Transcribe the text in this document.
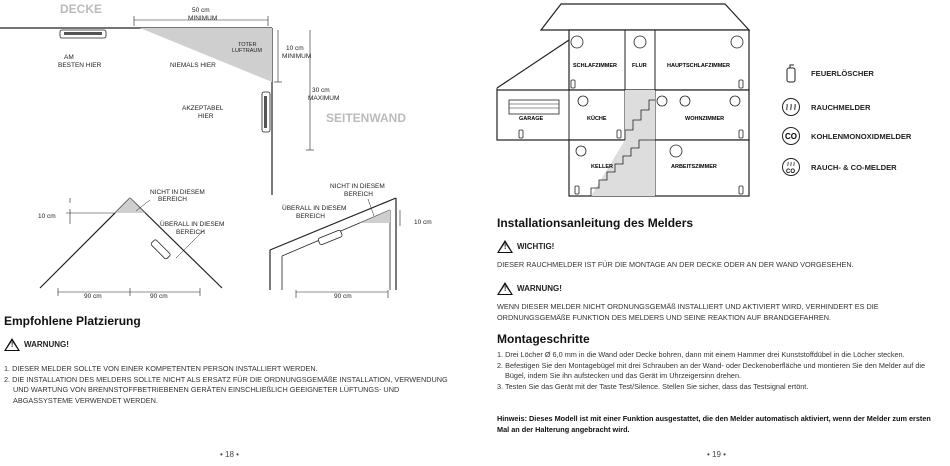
DECKE
TOTER
LUFTRAUM
50 cm
MINIMUM
10 cm
MINIMUM
30 cm
MAXIMUM
SEITENWAND
AM
BESTEN HIER	NIEMALS HIER
AKZEPTABEL
HIER
10 cm
NICHT IN DIESEM
BEREICH
ÜBERALL IN DIESEM
BEREICH
90 cm	90 cm
10 cm
NICHT IN DIESEM
BEREICH
ÜBERALL IN DIESEM
BEREICH
90 cm
Empfohlene Platzierung
! WARNUNG!
1. DIESER MELDER SOLLTE VON EINER KOMPETENTEN PERSON INSTALLIERT WERDEN.
2. DIE INSTALLATION DES MELDERS SOLLTE NICHT ALS ERSATZ FÜR DIE ORDNUNGSGEMÄßE INSTALLATION, VERWENDUNG UND WARTUNG VON BRENNSTOFFBETRIEBENEN GERÄTEN EINSCHLIEßLICH GEEIGNETER LÜFTUNGS- UND ABGASSYSTEME VERWENDET WERDEN.
• 18 •
SCHLAFZIMMER	FLUR	HAUPTSCHLAFZIMMER
GARAGE	KÜCHE	WOHNZIMMER
KELLER	ARBEITSZIMMER
FEUERLÖSCHER
RAUCHMELDER
CO KOHLENMONOXIDMELDER
CO
RAUCH- & CO-MELDER
Installationsanleitung des Melders
! WICHTIG!
DIESER RAUCHMELDER IST FÜR DIE MONTAGE AN DER DECKE ODER AN DER WAND VORGESEHEN.
! WARNUNG!
WENN DIESER MELDER NICHT ORDNUNGSGEMÄß INSTALLIERT UND AKTIVIERT WIRD, VERHINDERT ES DIE ORDNUNGSGEMÄßE FUNKTION DES MELDERS UND SEINE REAKTION AUF BRANDGEFAHREN.
Montageschritte
1. Drei Löcher Ø 6,0 mm in die Wand oder Decke bohren, dann mit einem Hammer drei Kunststoffdübel in die Löcher stecken.
2. Befestigen Sie den Montagebügel mit drei Schrauben an der Wand- oder Deckenoberfläche und montieren Sie den Melder auf die Bügel, indem Sie ihn aufstecken und das Gerät im Uhrzeigersinn drehen.
3. Testen Sie das Gerät mit der Taste Test/Silence. Stellen Sie sicher, dass das Testsignal ertönt.
Hinweis: Dieses Modell ist mit einer Funktion ausgestattet, die den Melder automatisch aktiviert, wenn der Melder zum ersten Mal an der Halterung angebracht wird.
• 19 •
